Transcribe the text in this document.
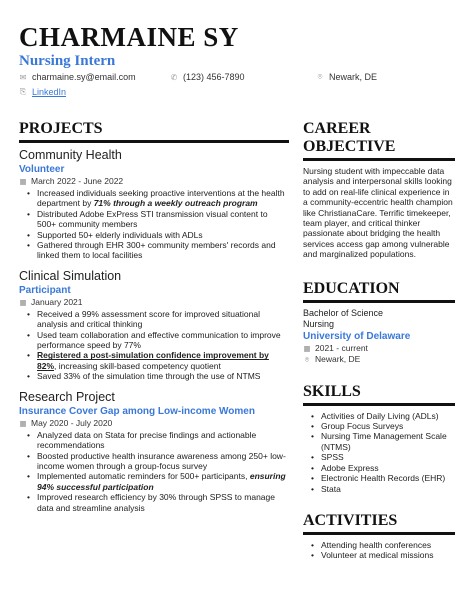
CHARMAINE SY
Nursing Intern
✉ charmaine.sy@email.com	✆ (123) 456-7890	⌾ Newark, DE
⎘ LinkedIn
PROJECTS
Community Health
Volunteer
▦ March 2022 - June 2022
• Increased individuals seeking proactive interventions at the health department by 71% through a weekly outreach program
• Distributed Adobe ExPress STI transmission visual content to 500+ community members
• Supported 50+ elderly individuals with ADLs
• Gathered through EHR 300+ community members' records and linked them to local facilities
Clinical Simulation
Participant
▦ January 2021
• Received a 99% assessment score for improved situational analysis and critical thinking
• Used team collaboration and effective communication to improve performance speed by 77%
• Registered a post-simulation confidence improvement by 82%, increasing skill-based competency quotient
• Saved 33% of the simulation time through the use of NTMS
Research Project
Insurance Cover Gap among Low-income Women
▦ May 2020 - July 2020
• Analyzed data on Stata for precise findings and actionable recommendations
• Boosted productive health insurance awareness among 250+ low-income women through a group-focus survey
• Implemented automatic reminders for 500+ participants, ensuring 94% successful participation
• Improved research efficiency by 30% through SPSS to manage data and streamline analysis
CAREER OBJECTIVE
Nursing student with impeccable data analysis and interpersonal skills looking to add on real-life clinical experience in a community-eccentric health champion like ChristianaCare. Terrific timekeeper, team player, and critical thinker passionate about bridging the health services access gap among vulnerable and marginalized populations.
EDUCATION
Bachelor of Science Nursing
University of Delaware
▦ 2021 - current
⌾ Newark, DE
SKILLS
• Activities of Daily Living (ADLs)
• Group Focus Surveys
• Nursing Time Management Scale (NTMS)
• SPSS
• Adobe Express
• Electronic Health Records (EHR)
• Stata
ACTIVITIES
• Attending health conferences
• Volunteer at medical missions
